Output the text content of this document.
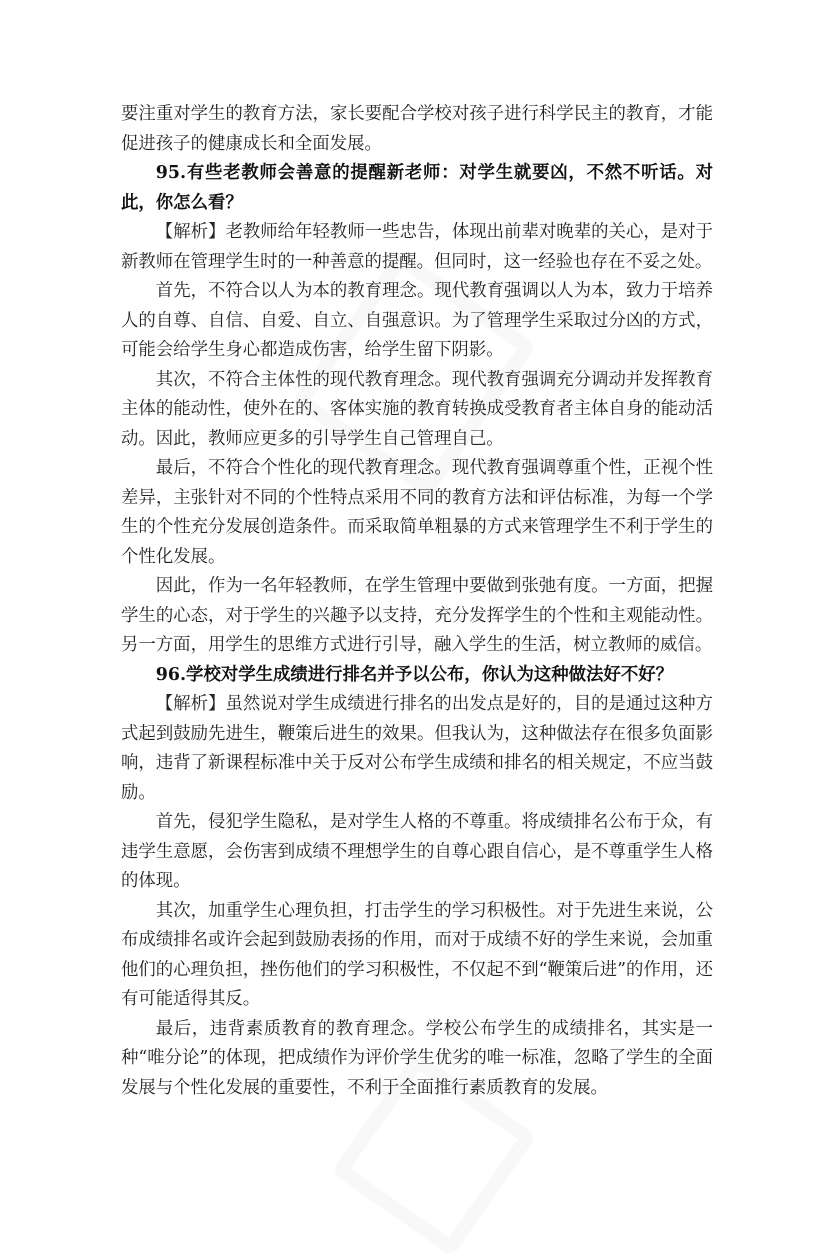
要注重对学生的教育方法，家长要配合学校对孩子进行科学民主的教育，才能促进孩子的健康成长和全面发展。

95.有些老教师会善意的提醒新老师：对学生就要凶，不然不听话。对此，你怎么看？

【解析】老教师给年轻教师一些忠告，体现出前辈对晚辈的关心，是对于新教师在管理学生时的一种善意的提醒。但同时，这一经验也存在不妥之处。

首先，不符合以人为本的教育理念。现代教育强调以人为本，致力于培养人的自尊、自信、自爱、自立、自强意识。为了管理学生采取过分凶的方式，可能会给学生身心都造成伤害，给学生留下阴影。

其次，不符合主体性的现代教育理念。现代教育强调充分调动并发挥教育主体的能动性，使外在的、客体实施的教育转换成受教育者主体自身的能动活动。因此，教师应更多的引导学生自己管理自己。

最后，不符合个性化的现代教育理念。现代教育强调尊重个性，正视个性差异，主张针对不同的个性特点采用不同的教育方法和评估标准，为每一个学生的个性充分发展创造条件。而采取简单粗暴的方式来管理学生不利于学生的个性化发展。

因此，作为一名年轻教师，在学生管理中要做到张弛有度。一方面，把握学生的心态，对于学生的兴趣予以支持，充分发挥学生的个性和主观能动性。另一方面，用学生的思维方式进行引导，融入学生的生活，树立教师的威信。

96.学校对学生成绩进行排名并予以公布，你认为这种做法好不好？

【解析】虽然说对学生成绩进行排名的出发点是好的，目的是通过这种方式起到鼓励先进生，鞭策后进生的效果。但我认为，这种做法存在很多负面影响，违背了新课程标准中关于反对公布学生成绩和排名的相关规定，不应当鼓励。

首先，侵犯学生隐私，是对学生人格的不尊重。将成绩排名公布于众，有违学生意愿，会伤害到成绩不理想学生的自尊心跟自信心，是不尊重学生人格的体现。

其次，加重学生心理负担，打击学生的学习积极性。对于先进生来说，公布成绩排名或许会起到鼓励表扬的作用，而对于成绩不好的学生来说，会加重他们的心理负担，挫伤他们的学习积极性，不仅起不到“鞭策后进”的作用，还有可能适得其反。

最后，违背素质教育的教育理念。学校公布学生的成绩排名，其实是一种“唯分论”的体现，把成绩作为评价学生优劣的唯一标准，忽略了学生的全面发展与个性化发展的重要性，不利于全面推行素质教育的发展。
